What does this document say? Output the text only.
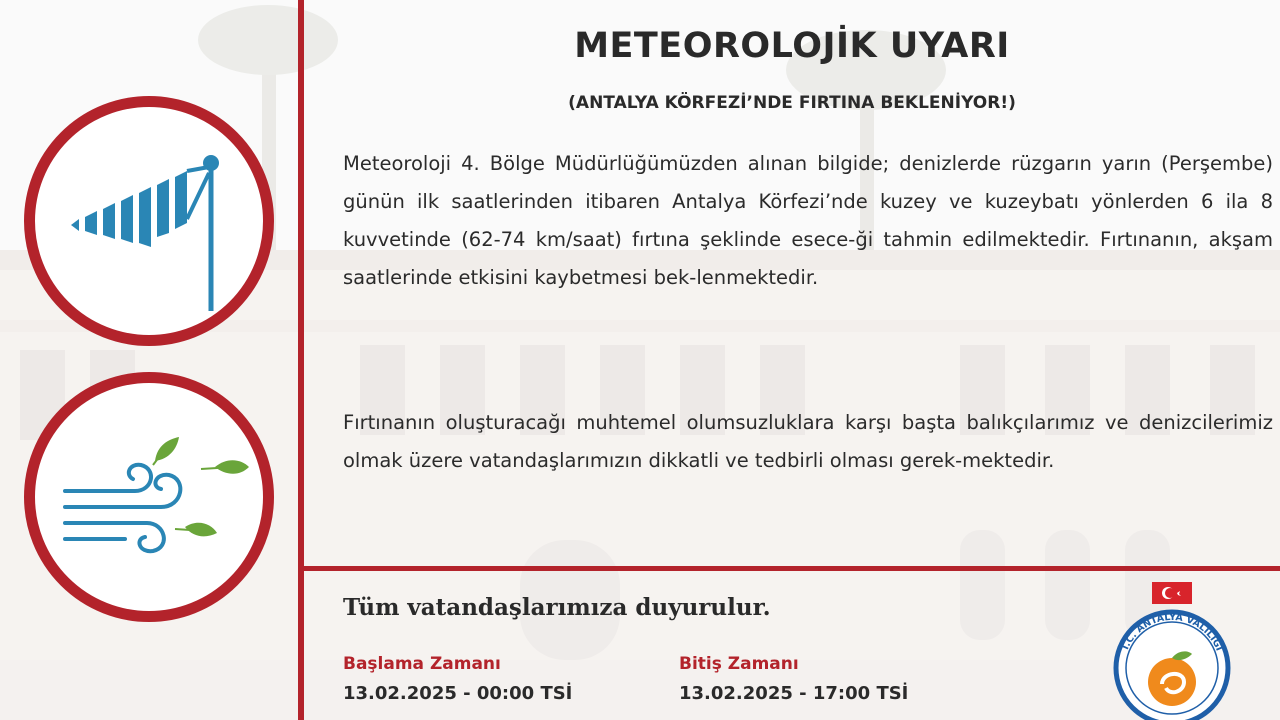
METEOROLOJİK UYARI
(ANTALYA KÖRFEZİ’NDE FIRTINA BEKLENİYOR!)

Meteoroloji 4. Bölge Müdürlüğümüzden alınan bilgide; denizlerde rüzgarın yarın (Perşembe) günün ilk saatlerinden itibaren Antalya Körfezi’nde kuzey ve kuzeybatı yönlerden 6 ila 8 kuvvetinde (62-74 km/saat) fırtına şeklinde esece-ği tahmin edilmektedir. Fırtınanın, akşam saatlerinde etkisini kaybetmesi bek-lenmektedir.

Fırtınanın oluşturacağı muhtemel olumsuzluklara karşı başta balıkçılarımız ve denizcilerimiz olmak üzere vatandaşlarımızın dikkatli ve tedbirli olması gerek-mektedir.

Tüm vatandaşlarımıza duyurulur.
Başlama Zamanı
13.02.2025 - 00:00 TSİ
Bitiş Zamanı
13.02.2025 - 17:00 TSİ
T.C. ANTALYA VALİLİĞİ
